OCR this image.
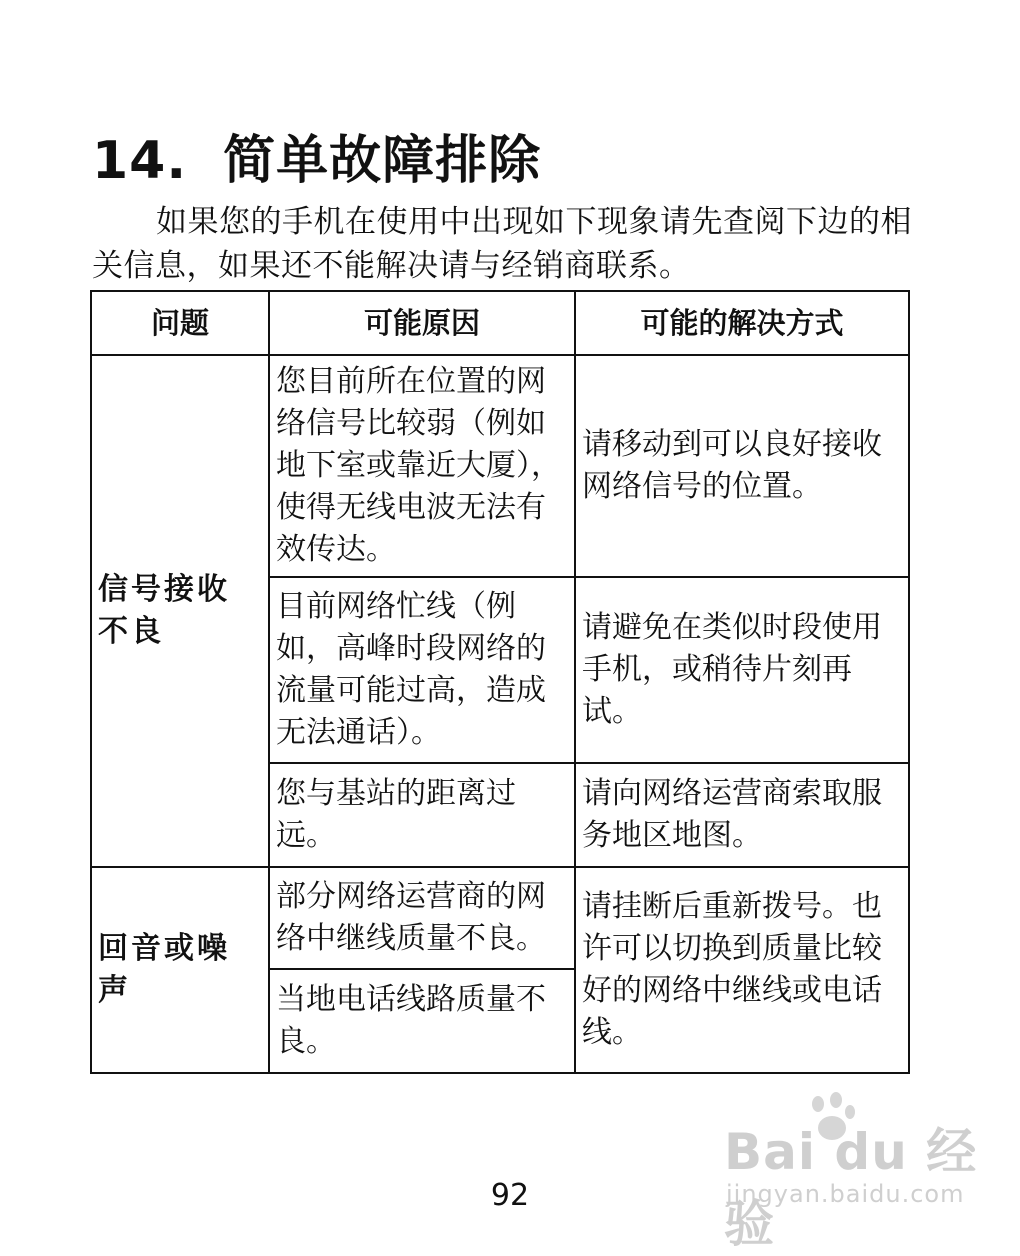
14. 简单故障排除
如果您的手机在使用中出现如下现象请先查阅下边的相关信息，如果还不能解决请与经销商联系。
问题	可能原因	可能的解决方式
信号接收不良	您目前所在位置的网络信号比较弱（例如地下室或靠近大厦），使得无线电波无法有效传达。	请移动到可以良好接收网络信号的位置。
	目前网络忙线（例如，高峰时段网络的流量可能过高，造成无法通话）。	请避免在类似时段使用手机，或稍待片刻再试。
	您与基站的距离过远。	请向网络运营商索取服务地区地图。
回音或噪声	部分网络运营商的网络中继线质量不良。	请挂断后重新拨号。也许可以切换到质量比较好的网络中继线或电话线。
	当地电话线路质量不良。	
92
Bai du 经验
jingyan.baidu.com
